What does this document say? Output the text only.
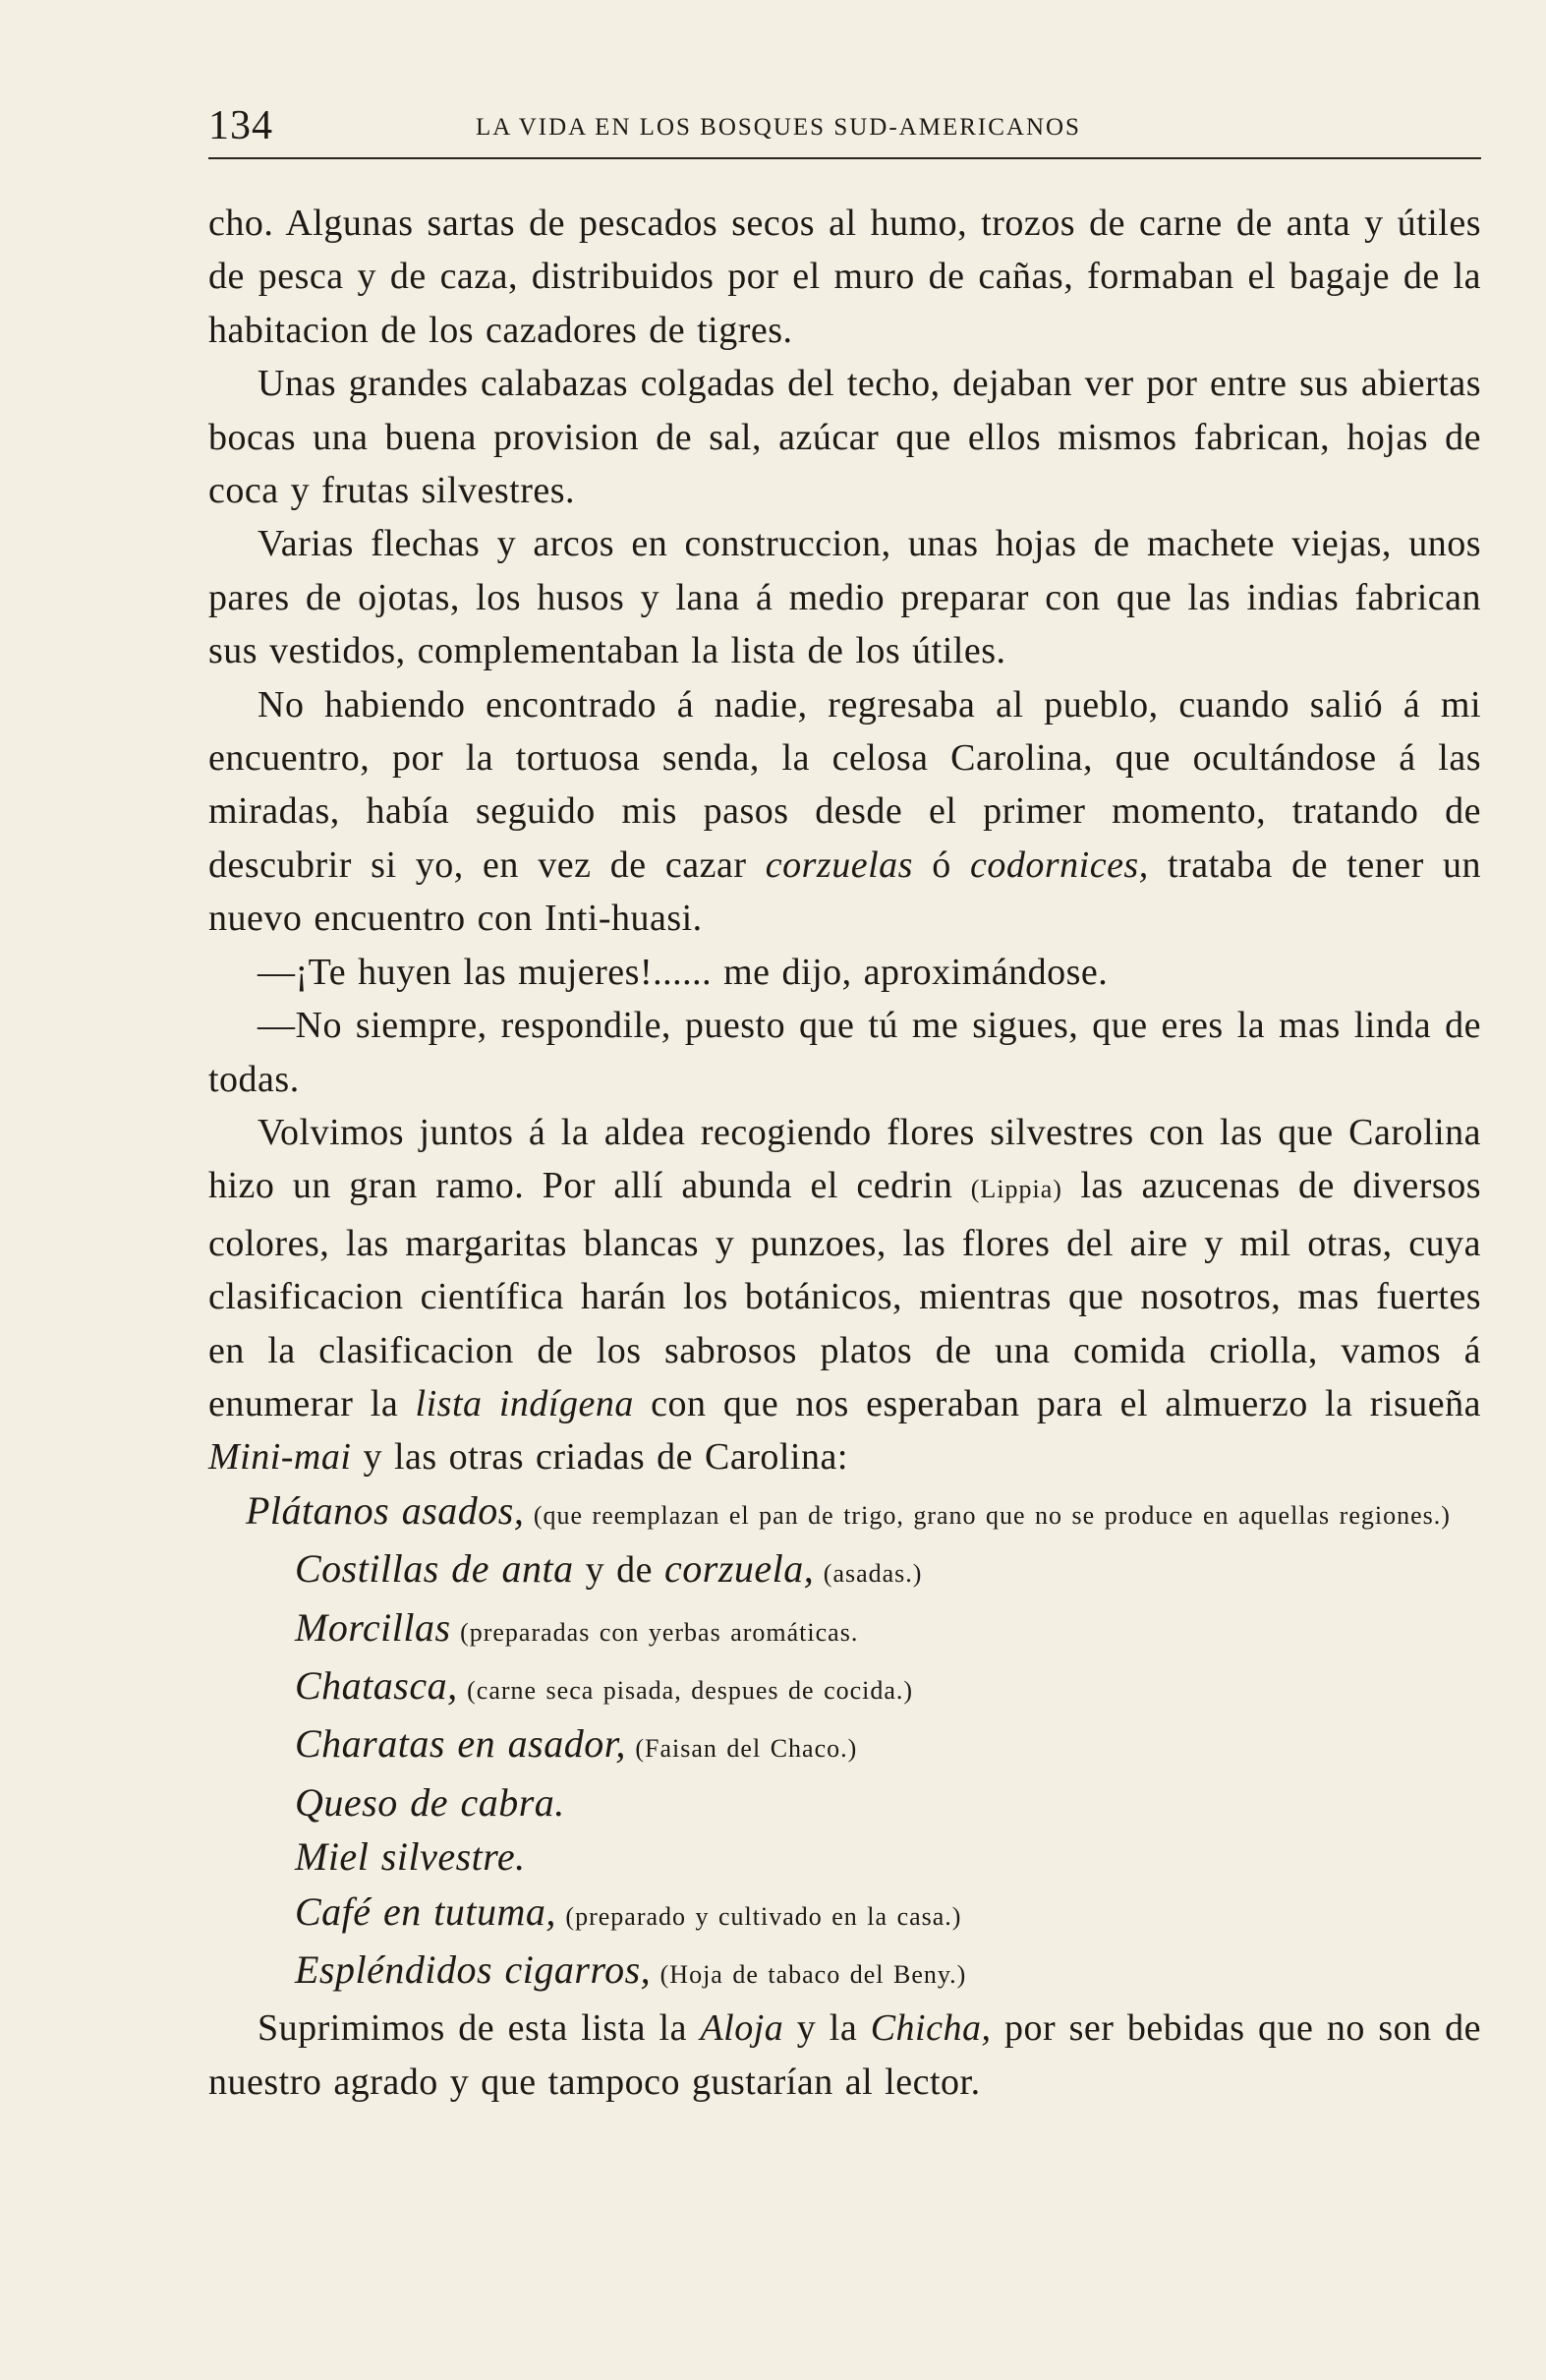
134	LA VIDA EN LOS BOSQUES SUD-AMERICANOS

cho. Algunas sartas de pescados secos al humo, trozos de carne de anta y útiles de pesca y de caza, distribuidos por el muro de cañas, formaban el bagaje de la habitacion de los cazadores de tigres.

Unas grandes calabazas colgadas del techo, dejaban ver por entre sus abiertas bocas una buena provision de sal, azúcar que ellos mismos fabrican, hojas de coca y frutas silvestres.

Varias flechas y arcos en construccion, unas hojas de machete viejas, unos pares de ojotas, los husos y lana á medio preparar con que las indias fabrican sus vestidos, complementaban la lista de los útiles.

No habiendo encontrado á nadie, regresaba al pueblo, cuando salió á mi encuentro, por la tortuosa senda, la celosa Carolina, que ocultándose á las miradas, había seguido mis pasos desde el primer momento, tratando de descubrir si yo, en vez de cazar corzuelas ó codornices, trataba de tener un nuevo encuentro con Inti-huasi.

—¡Te huyen las mujeres!...... me dijo, aproximándose.

—No siempre, respondile, puesto que tú me sigues, que eres la mas linda de todas.

Volvimos juntos á la aldea recogiendo flores silvestres con las que Carolina hizo un gran ramo. Por allí abunda el cedrin (Lippia) las azucenas de diversos colores, las margaritas blancas y punzoes, las flores del aire y mil otras, cuya clasificacion científica harán los botánicos, mientras que nosotros, mas fuertes en la clasificacion de los sabrosos platos de una comida criolla, vamos á enumerar la lista indígena con que nos esperaban para el almuerzo la risueña Mini-mai y las otras criadas de Carolina:

Plátanos asados, (que reemplazan el pan de trigo, grano que no se produce en aquellas regiones.)

Costillas de anta y de corzuela, (asadas.)

Morcillas (preparadas con yerbas aromáticas.

Chatasca, (carne seca pisada, despues de cocida.)

Charatas en asador, (Faisan del Chaco.)

Queso de cabra.

Miel silvestre.

Café en tutuma, (preparado y cultivado en la casa.)

Espléndidos cigarros, (Hoja de tabaco del Beny.)

Suprimimos de esta lista la Aloja y la Chicha, por ser bebidas que no son de nuestro agrado y que tampoco gustarían al lector.
